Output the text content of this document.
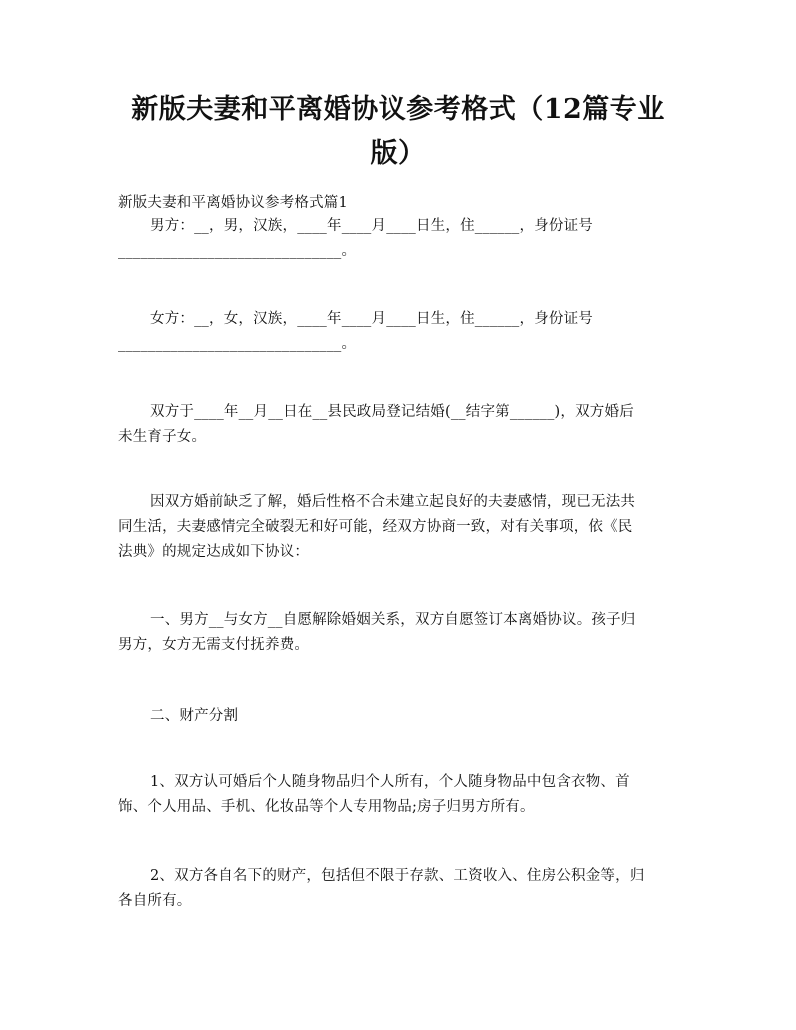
新版夫妻和平离婚协议参考格式（12篇专业
版）
新版夫妻和平离婚协议参考格式篇1
男方：__，男，汉族，____年____月____日生，住______，身份证号
______________________________。
女方：__，女，汉族，____年____月____日生，住______，身份证号
______________________________。
双方于____年__月__日在__县民政局登记结婚(__结字第______)，双方婚后
未生育子女。
因双方婚前缺乏了解，婚后性格不合未建立起良好的夫妻感情，现已无法共
同生活，夫妻感情完全破裂无和好可能，经双方协商一致，对有关事项，依《民
法典》的规定达成如下协议：
一、男方__与女方__自愿解除婚姻关系，双方自愿签订本离婚协议。孩子归
男方，女方无需支付抚养费。
二、财产分割
1、双方认可婚后个人随身物品归个人所有，个人随身物品中包含衣物、首
饰、个人用品、手机、化妆品等个人专用物品;房子归男方所有。
2、双方各自名下的财产，包括但不限于存款、工资收入、住房公积金等，归
各自所有。
